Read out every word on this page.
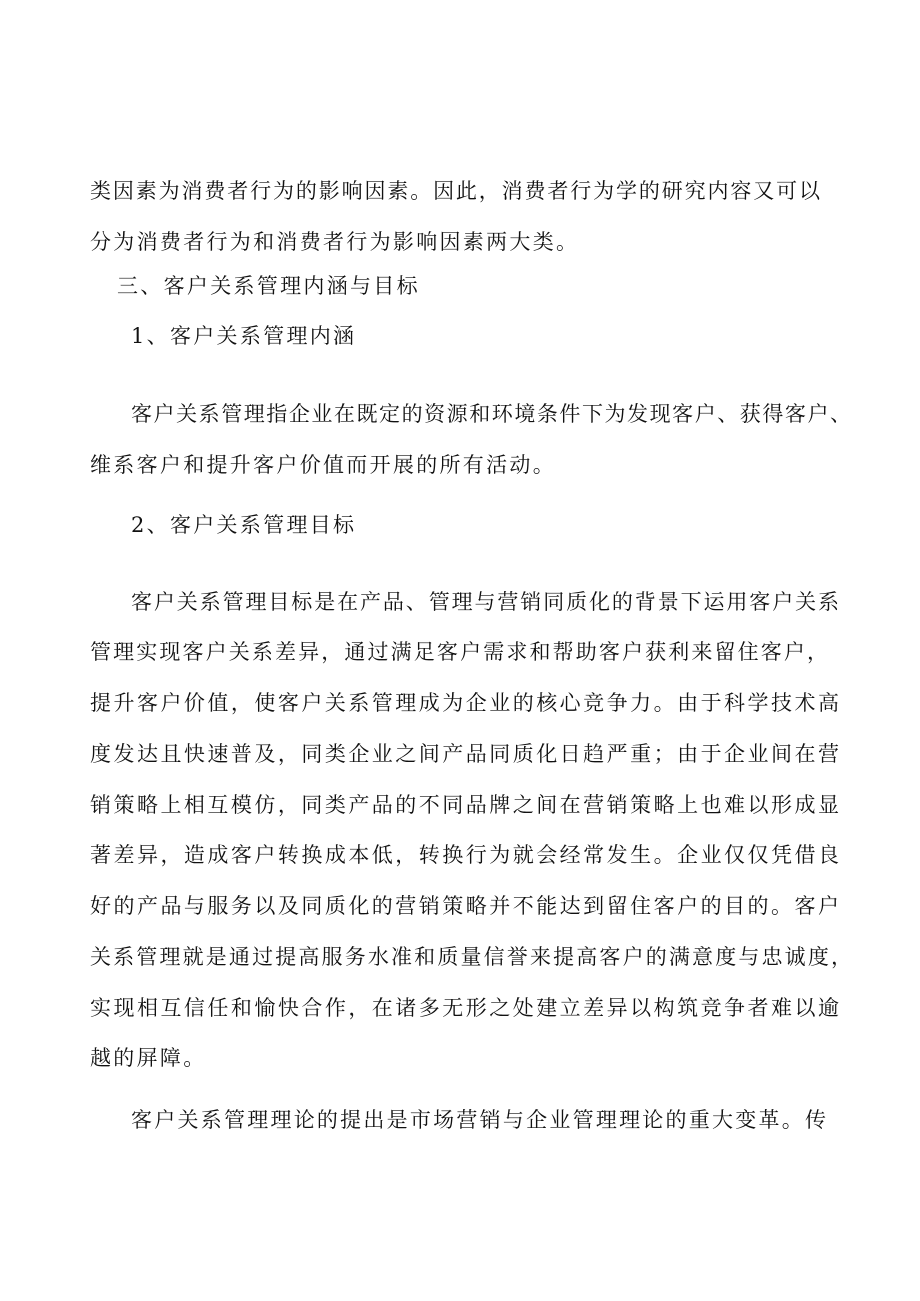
类因素为消费者行为的影响因素。因此，消费者行为学的研究内容又可以

分为消费者行为和消费者行为影响因素两大类。

三、客户关系管理内涵与目标

1、客户关系管理内涵

客户关系管理指企业在既定的资源和环境条件下为发现客户、获得客户、

维系客户和提升客户价值而开展的所有活动。

2、客户关系管理目标

客户关系管理目标是在产品、管理与营销同质化的背景下运用客户关系

管理实现客户关系差异，通过满足客户需求和帮助客户获利来留住客户，

提升客户价值，使客户关系管理成为企业的核心竞争力。由于科学技术高

度发达且快速普及，同类企业之间产品同质化日趋严重；由于企业间在营

销策略上相互模仿，同类产品的不同品牌之间在营销策略上也难以形成显

著差异，造成客户转换成本低，转换行为就会经常发生。企业仅仅凭借良

好的产品与服务以及同质化的营销策略并不能达到留住客户的目的。客户

关系管理就是通过提高服务水准和质量信誉来提高客户的满意度与忠诚度，

实现相互信任和愉快合作，在诸多无形之处建立差异以构筑竞争者难以逾

越的屏障。

客户关系管理理论的提出是市场营销与企业管理理论的重大变革。传
